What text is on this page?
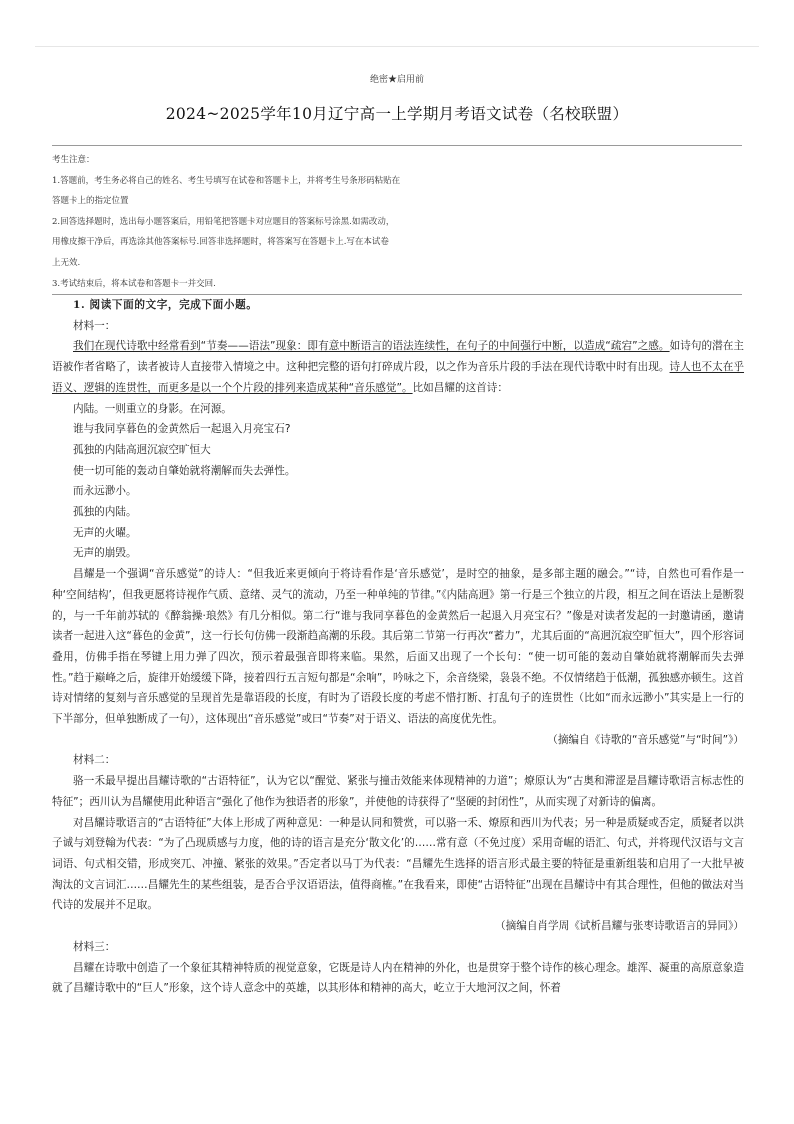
绝密★启用前
2024~2025学年10月辽宁高一上学期月考语文试卷（名校联盟）
考生注意：
1.答题前，考生务必将自己的姓名、考生号填写在试卷和答题卡上，并将考生号条形码粘贴在
答题卡上的指定位置
2.回答选择题时，选出每小题答案后，用铅笔把答题卡对应题目的答案标号涂黑.如需改动，
用橡皮擦干净后，再选涂其他答案标号.回答非选择题时，将答案写在答题卡上.写在本试卷
上无效.
3.考试结束后，将本试卷和答题卡一并交回.

1. 阅读下面的文字，完成下面小题。

材料一：

我们在现代诗歌中经常看到“节奏——语法”现象：即有意中断语言的语法连续性，在句子的中间强行中断，以造成“疏宕”之感。如诗句的潜在主语被作者省略了，读者被诗人直接带入情境之中。这种把完整的语句打碎成片段，以之作为音乐片段的手法在现代诗歌中时有出现。诗人也不太在乎语义、逻辑的连贯性，而更多是以一个个片段的排列来造成某种“音乐感觉”。比如昌耀的这首诗：

内陆。一则重立的身影。在河源。

谁与我同享暮色的金黄然后一起退入月亮宝石?

孤独的内陆高迥沉寂空旷恒大

使一切可能的轰动自肇始就将潮解而失去弹性。

而永远渺小。

孤独的内陆。

无声的火曜。

无声的崩毁。

昌耀是一个强调“音乐感觉”的诗人：“但我近来更倾向于将诗看作是‘音乐感觉’，是时空的抽象，是多部主题的融会。”“诗，自然也可看作是一种‘空间结构’，但我更愿将诗视作气质、意绪、灵气的流动，乃至一种单纯的节律。”《内陆高迥》第一行是三个独立的片段，相互之间在语法上是断裂的，与一千年前苏轼的《醉翁操·琅然》有几分相似。第二行“谁与我同享暮色的金黄然后一起退入月亮宝石？”像是对读者发起的一封邀请函，邀请读者一起进入这“暮色的金黄”，这一行长句仿佛一段渐趋高潮的乐段。其后第二节第一行再次“蓄力”，尤其后面的“高迥沉寂空旷恒大”，四个形容词叠用，仿佛手指在琴键上用力弹了四次，预示着最强音即将来临。果然，后面又出现了一个长句：“使一切可能的轰动自肇始就将潮解而失去弹性。”趋于巅峰之后，旋律开始缓缓下降，接着四行五言短句都是“余响”，吟咏之下，余音绕梁，袅袅不绝。不仅情绪趋于低潮，孤独感亦顿生。这首诗对情绪的复刻与音乐感觉的呈现首先是靠语段的长度，有时为了语段长度的考虑不惜打断、打乱句子的连贯性（比如“而永远渺小”其实是上一行的下半部分，但单独断成了一句），这体现出“音乐感觉”或曰“节奏”对于语义、语法的高度优先性。

（摘编自《诗歌的“音乐感觉”与“时间”》）

材料二：

骆一禾最早提出昌耀诗歌的“古语特征”，认为它以“醒觉、紧张与撞击效能来体现精神的力道”；燎原认为“古奥和滞涩是昌耀诗歌语言标志性的特征”；西川认为昌耀使用此种语言“强化了他作为独语者的形象”，并使他的诗获得了“坚硬的封闭性”，从而实现了对新诗的偏离。

对昌耀诗歌语言的“古语特征”大体上形成了两种意见：一种是认同和赞赏，可以骆一禾、燎原和西川为代表；另一种是质疑或否定，质疑者以洪子诚与刘登翰为代表：“为了凸现质感与力度，他的诗的语言是充分‘散文化’的……常有意（不免过度）采用奇崛的语汇、句式，并将现代汉语与文言词语、句式相交错，形成突兀、冲撞、紧张的效果。”否定者以马丁为代表：“昌耀先生选择的语言形式最主要的特征是重新组装和启用了一大批早被淘汰的文言词汇……昌耀先生的某些组装，是否合乎汉语语法，值得商榷。”在我看来，即使“古语特征”出现在昌耀诗中有其合理性，但他的做法对当代诗的发展并不足取。

（摘编自肖学周《试析昌耀与张枣诗歌语言的异同》）

材料三：

昌耀在诗歌中创造了一个象征其精神特质的视觉意象，它既是诗人内在精神的外化，也是贯穿于整个诗作的核心理念。雄浑、凝重的高原意象造就了昌耀诗歌中的“巨人”形象，这个诗人意念中的英雄，以其形体和精神的高大，屹立于大地河汉之间，怀着
